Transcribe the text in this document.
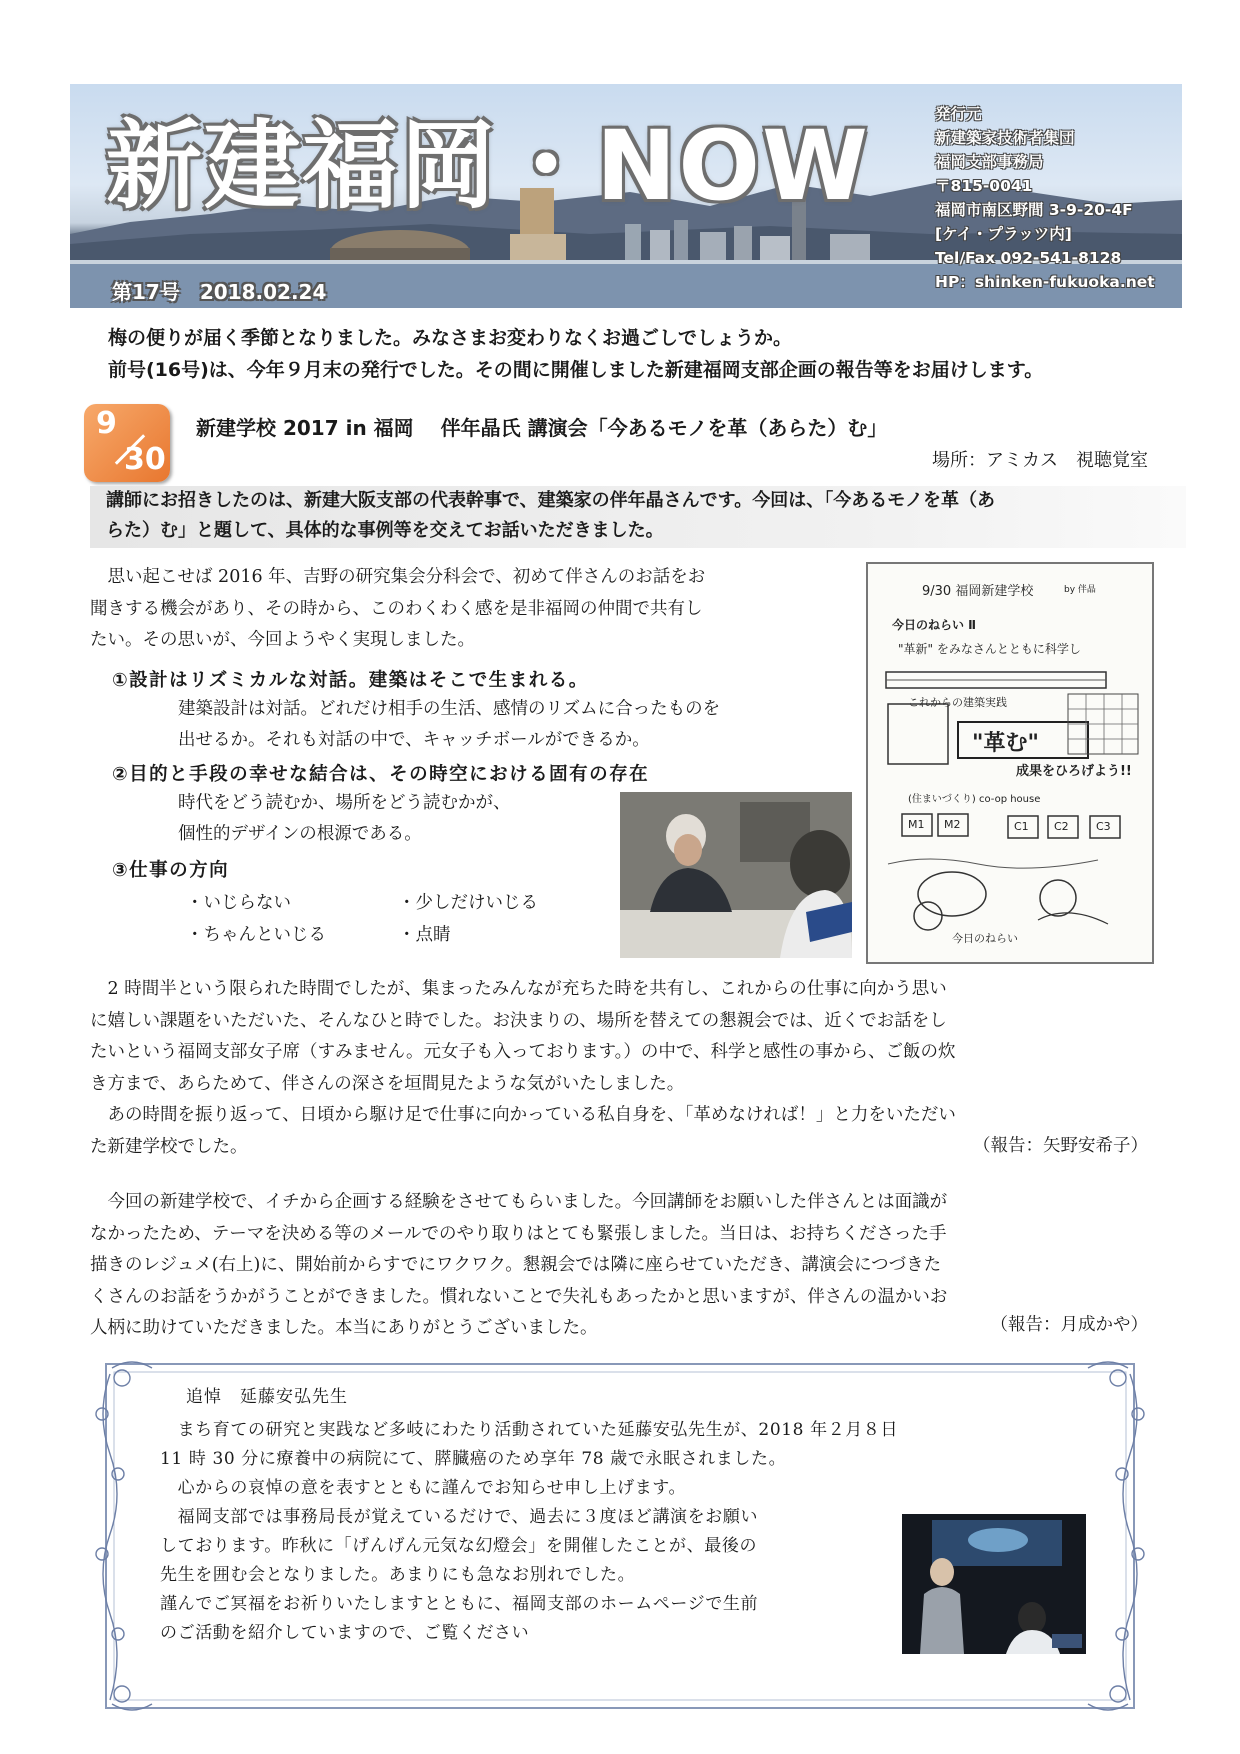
新建福岡・NOW
第17号 2018.02.24
発行元
新建築家技術者集団
福岡支部事務局
〒815-0041
福岡市南区野間 3-9-20-4F
[ケイ・プラッツ内]
Tel/Fax 092-541-8128
HP：shinken-fukuoka.net
梅の便りが届く季節となりました。みなさまお変わりなくお過ごしでしょうか。
前号(16号)は、今年９月末の発行でした。その間に開催しました新建福岡支部企画の報告等をお届けします。
9
30
新建学校 2017 in 福岡　 伴年晶氏 講演会「今あるモノを革（あらた）む」
場所：アミカス　視聴覚室
講師にお招きしたのは、新建大阪支部の代表幹事で、建築家の伴年晶さんです。今回は、「今あるモノを革（あ
らた）む」と題して、具体的な事例等を交えてお話いただきました。
　思い起こせば 2016 年、吉野の研究集会分科会で、初めて伴さんのお話をお
聞きする機会があり、その時から、このわくわく感を是非福岡の仲間で共有し
たい。その思いが、今回ようやく実現しました。
①設計はリズミカルな対話。建築はそこで生まれる。
建築設計は対話。どれだけ相手の生活、感情のリズムに合ったものを
出せるか。それも対話の中で、キャッチボールができるか。
②目的と手段の幸せな結合は、その時空における固有の存在
時代をどう読むか、場所をどう読むかが、
個性的デザインの根源である。
③仕事の方向
・いじらない	・少しだけいじる
・ちゃんといじる	・点睛
9/30 福岡新建学校	by 伴晶
今日のねらい Ⅱ
"革新" をみなさんとともに科学し
これからの建築実践
"革む"
成果をひろげよう!!
(住まいづくり) co-op house
M1 M2	C1 C2 C3
今日のねらい
　2 時間半という限られた時間でしたが、集まったみんなが充ちた時を共有し、これからの仕事に向かう思い
に嬉しい課題をいただいた、そんなひと時でした。お決まりの、場所を替えての懇親会では、近くでお話をし
たいという福岡支部女子席（すみません。元女子も入っております。）の中で、科学と感性の事から、ご飯の炊
き方まで、あらためて、伴さんの深さを垣間見たような気がいたしました。
　あの時間を振り返って、日頃から駆け足で仕事に向かっている私自身を、「革めなければ！」と力をいただい
た新建学校でした。	（報告：矢野安希子）
　今回の新建学校で、イチから企画する経験をさせてもらいました。今回講師をお願いした伴さんとは面識が
なかったため、テーマを決める等のメールでのやり取りはとても緊張しました。当日は、お持ちくださった手
描きのレジュメ(右上)に、開始前からすでにワクワク。懇親会では隣に座らせていただき、講演会につづきた
くさんのお話をうかがうことができました。慣れないことで失礼もあったかと思いますが、伴さんの温かいお
人柄に助けていただきました。本当にありがとうございました。	（報告：月成かや）
追悼　延藤安弘先生
　まち育ての研究と実践など多岐にわたり活動されていた延藤安弘先生が、2018 年２月８日
11 時 30 分に療養中の病院にて、膵臓癌のため享年 78 歳で永眠されました。
　心からの哀悼の意を表すとともに謹んでお知らせ申し上げます。
　福岡支部では事務局長が覚えているだけで、過去に３度ほど講演をお願い
しております。昨秋に「げんげん元気な幻燈会」を開催したことが、最後の
先生を囲む会となりました。あまりにも急なお別れでした。
謹んでご冥福をお祈りいたしますとともに、福岡支部のホームページで生前
のご活動を紹介していますので、ご覧ください
